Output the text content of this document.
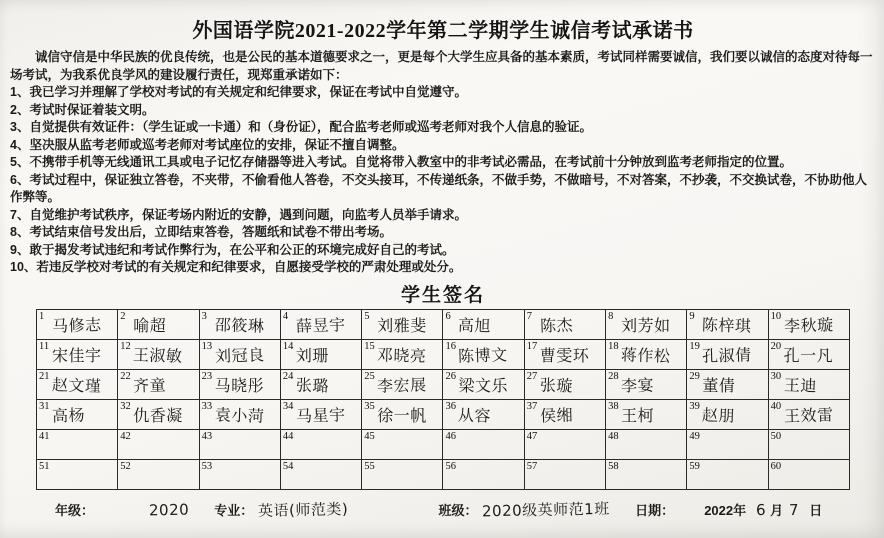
外国语学院2021-2022学年第二学期学生诚信考试承诺书

诚信守信是中华民族的优良传统，也是公民的基本道德要求之一，更是每个大学生应具备的基本素质，考试同样需要诚信，我们要以诚信的态度对待每一场考试，为我系优良学风的建设履行责任，现郑重承诺如下：

1、我已学习并理解了学校对考试的有关规定和纪律要求，保证在考试中自觉遵守。
2、考试时保证着装文明。
3、自觉提供有效证件：（学生证或一卡通）和（身份证），配合监考老师或巡考老师对我个人信息的验证。
4、坚决服从监考老师或巡考老师对考试座位的安排，保证不擅自调整。
5、不携带手机等无线通讯工具或电子记忆存储器等进入考试。自觉将带入教室中的非考试必需品，在考试前十分钟放到监考老师指定的位置。
6、考试过程中，保证独立答卷，不夹带，不偷看他人答卷，不交头接耳，不传递纸条，不做手势，不做暗号，不对答案，不抄袭，不交换试卷，不协助他人作弊等。
7、自觉维护考试秩序，保证考场内附近的安静，遇到问题，向监考人员举手请求。
8、考试结束信号发出后，立即结束答卷，答题纸和试卷不带出考场。
9、敢于揭发考试违纪和考试作弊行为，在公平和公正的环境完成好自己的考试。
10、若违反学校对考试的有关规定和纪律要求，自愿接受学校的严肃处理或处分。
学生签名
1 马修志	2 喻超	3 邵筱琳	4 薛昱宇	5 刘雅斐	6 高旭	7 陈杰	8 刘芳如	9 陈梓琪	10 李秋璇

11 宋佳宇	12 王淑敏	13 刘冠良	14 刘珊	15 邓晓亮	16 陈博文	17 曹雯环	18 蒋作松	19 孔淑倩	20 孔一凡

21 赵文瑾	22 齐童	23 马晓彤	24 张璐	25 李宏展	26 梁文乐	27 张璇	28 李宴	29 董倩	30 王迪

31 高杨	32 仇香凝	33 袁小菏	34 马星宇	35 徐一帆	36 从容	37 侯缃	38 王柯	39 赵朋	40 王效雷

41	42	43	44	45	46	47	48	49	50

51	52	53	54	55	56	57	58	59	60
年级：	2020 专业： 英语(师范类)	班级： 2020级英师范1班 日期： 2022年 6 月 7 日
